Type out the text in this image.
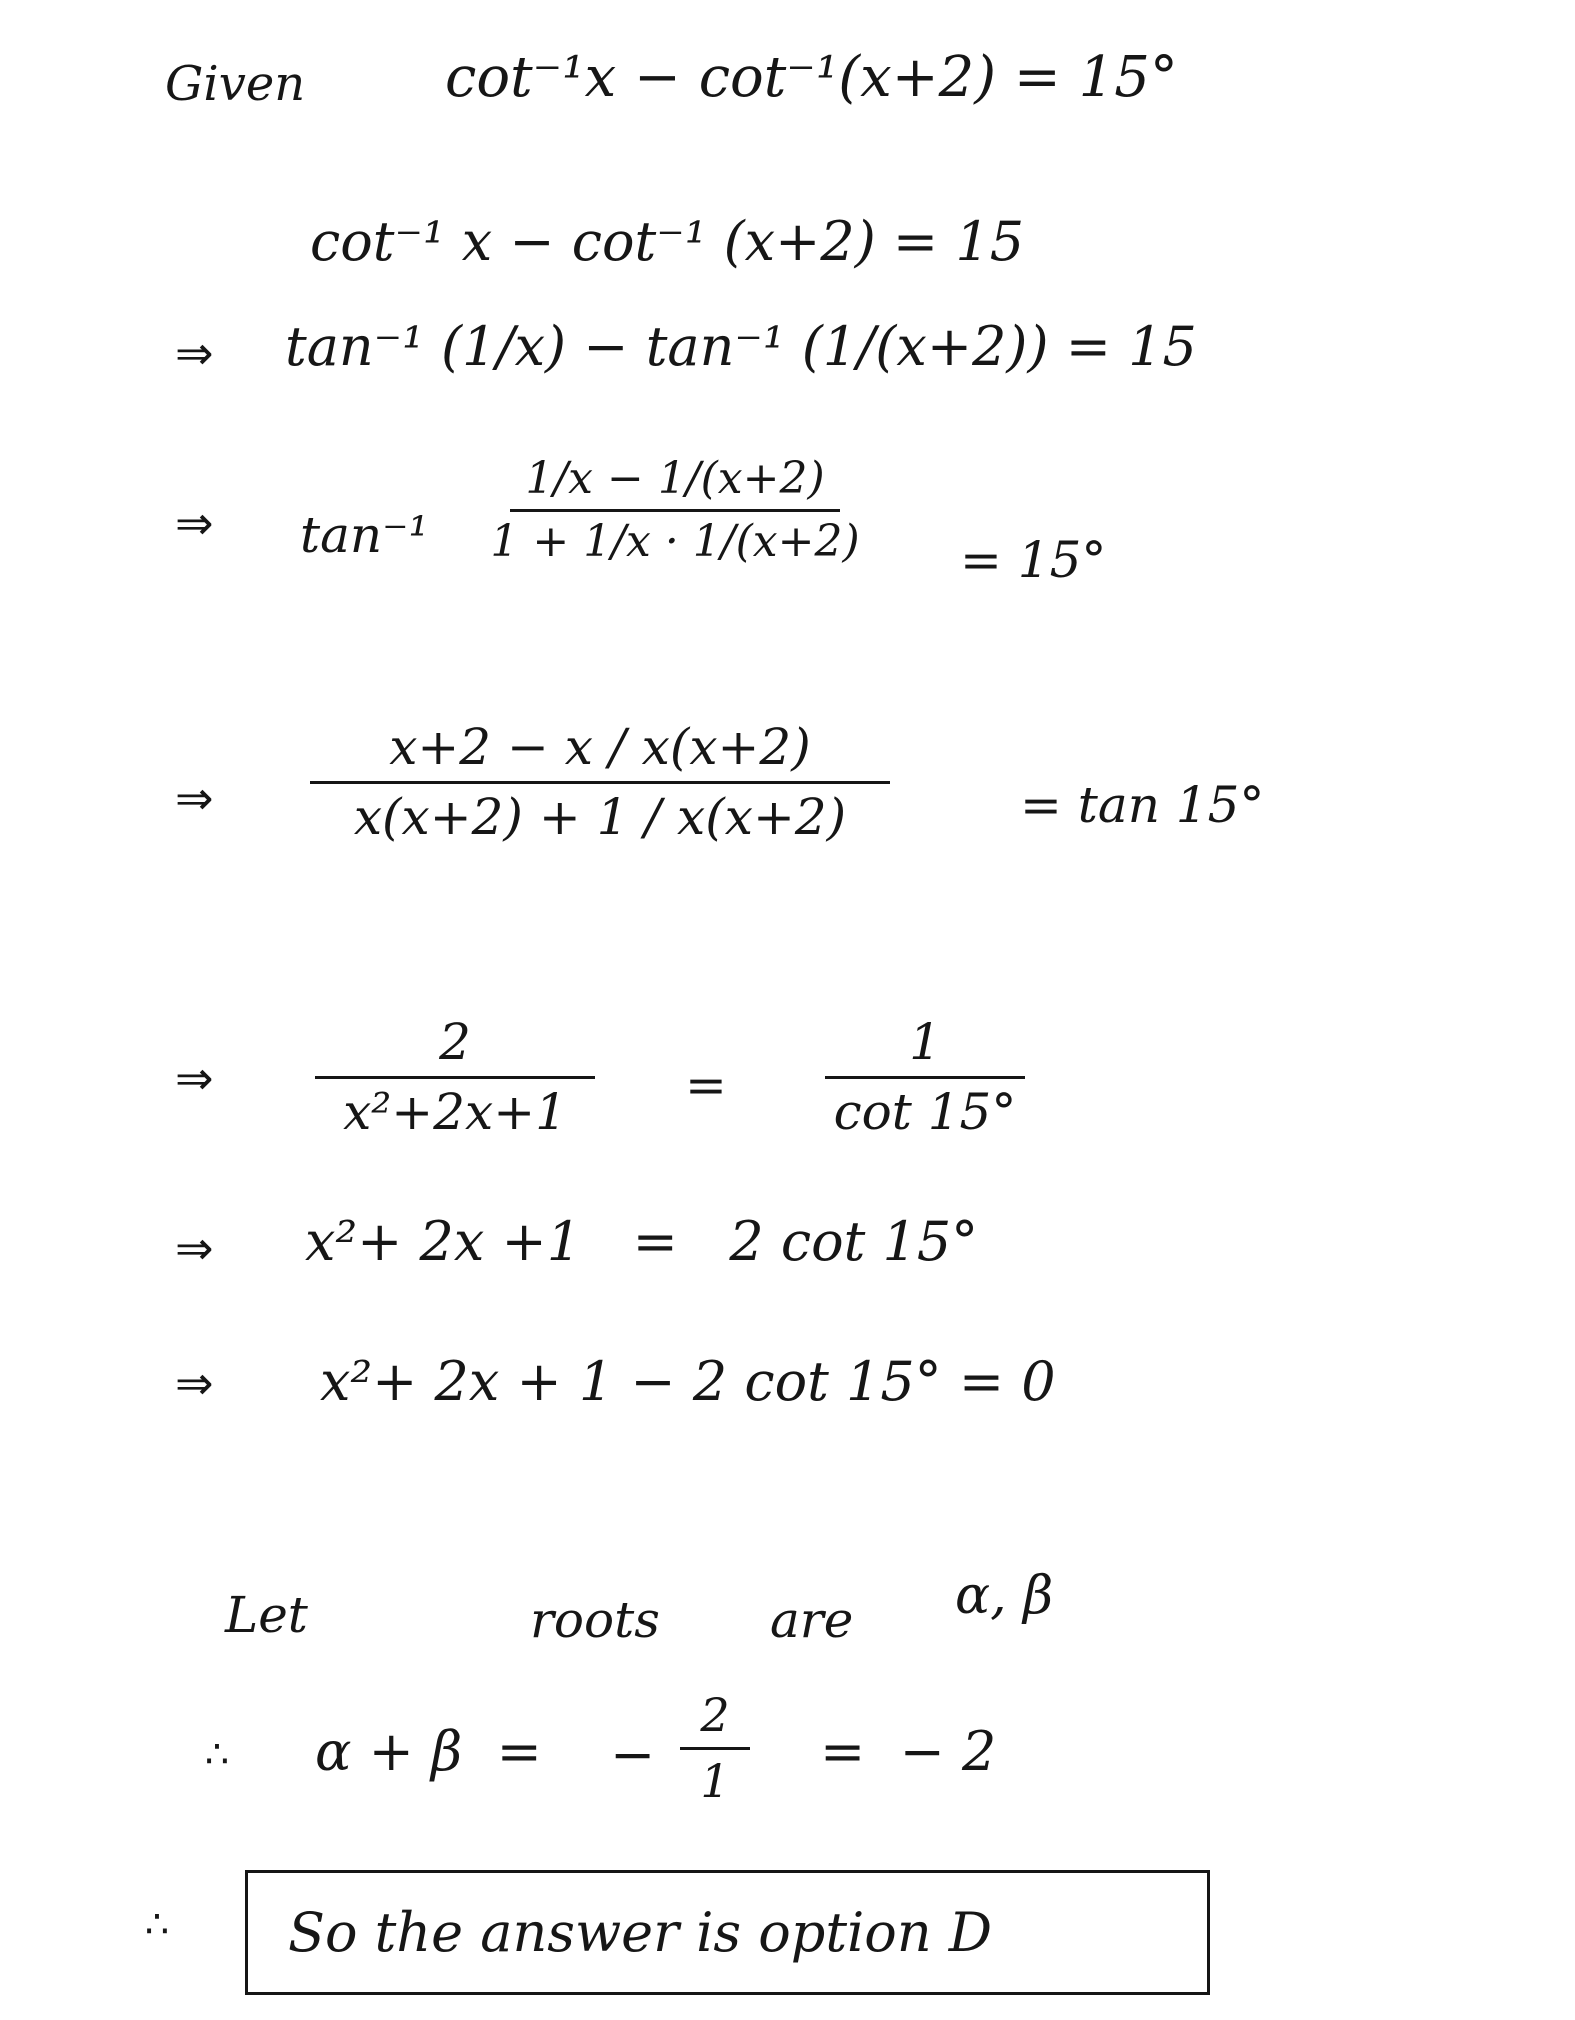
Given cot⁻¹x − cot⁻¹(x+2) = 15°
cot⁻¹ x − cot⁻¹ (x+2) = 15
⇒ tan⁻¹ (1/x) − tan⁻¹ (1/(x+2)) = 15
⇒ tan⁻¹
1/x − 1/(x+2)
1 + 1/x · 1/(x+2) = 15°
⇒
x+2 − x / x(x+2)
x(x+2) + 1 / x(x+2)	= tan 15°
⇒
2
x²+2x+1 =
1
cot 15°
⇒ x²+ 2x +1   =   2 cot 15°
⇒ x²+ 2x + 1 − 2 cot 15° = 0
Let	roots are α, β
∴ α + β  = −
2
1 =  − 2
∴ So the answer is option D
